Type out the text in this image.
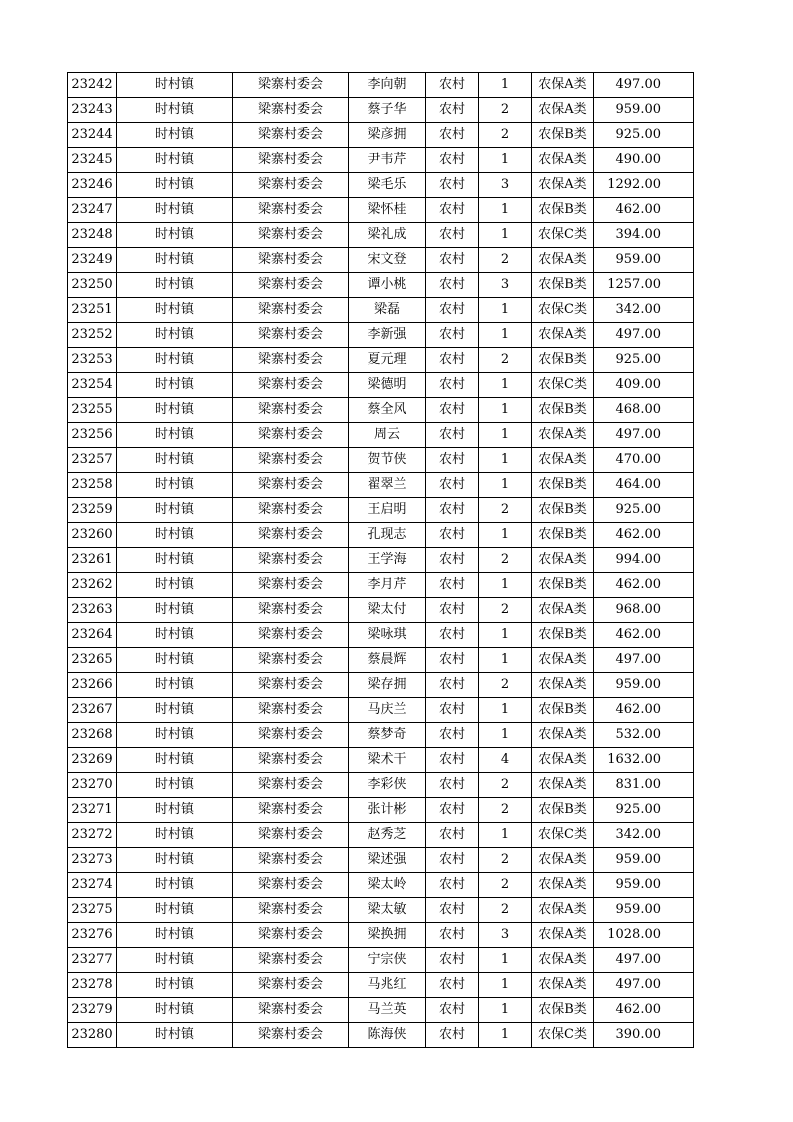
23242	时村镇	梁寨村委会	李向朝	农村	1	农保A类	497.00
23243	时村镇	梁寨村委会	蔡子华	农村	2	农保A类	959.00
23244	时村镇	梁寨村委会	梁彦拥	农村	2	农保B类	925.00
23245	时村镇	梁寨村委会	尹韦芹	农村	1	农保A类	490.00
23246	时村镇	梁寨村委会	梁毛乐	农村	3	农保A类	1292.00
23247	时村镇	梁寨村委会	梁怀桂	农村	1	农保B类	462.00
23248	时村镇	梁寨村委会	梁礼成	农村	1	农保C类	394.00
23249	时村镇	梁寨村委会	宋文登	农村	2	农保A类	959.00
23250	时村镇	梁寨村委会	谭小桃	农村	3	农保B类	1257.00
23251	时村镇	梁寨村委会	梁磊	农村	1	农保C类	342.00
23252	时村镇	梁寨村委会	李新强	农村	1	农保A类	497.00
23253	时村镇	梁寨村委会	夏元理	农村	2	农保B类	925.00
23254	时村镇	梁寨村委会	梁德明	农村	1	农保C类	409.00
23255	时村镇	梁寨村委会	蔡全风	农村	1	农保B类	468.00
23256	时村镇	梁寨村委会	周云	农村	1	农保A类	497.00
23257	时村镇	梁寨村委会	贺节侠	农村	1	农保A类	470.00
23258	时村镇	梁寨村委会	翟翠兰	农村	1	农保B类	464.00
23259	时村镇	梁寨村委会	王启明	农村	2	农保B类	925.00
23260	时村镇	梁寨村委会	孔现志	农村	1	农保B类	462.00
23261	时村镇	梁寨村委会	王学海	农村	2	农保A类	994.00
23262	时村镇	梁寨村委会	李月芹	农村	1	农保B类	462.00
23263	时村镇	梁寨村委会	梁太付	农村	2	农保A类	968.00
23264	时村镇	梁寨村委会	梁咏琪	农村	1	农保B类	462.00
23265	时村镇	梁寨村委会	蔡晨辉	农村	1	农保A类	497.00
23266	时村镇	梁寨村委会	梁存拥	农村	2	农保A类	959.00
23267	时村镇	梁寨村委会	马庆兰	农村	1	农保B类	462.00
23268	时村镇	梁寨村委会	蔡梦奇	农村	1	农保A类	532.00
23269	时村镇	梁寨村委会	梁术干	农村	4	农保A类	1632.00
23270	时村镇	梁寨村委会	李彩侠	农村	2	农保A类	831.00
23271	时村镇	梁寨村委会	张计彬	农村	2	农保B类	925.00
23272	时村镇	梁寨村委会	赵秀芝	农村	1	农保C类	342.00
23273	时村镇	梁寨村委会	梁述强	农村	2	农保A类	959.00
23274	时村镇	梁寨村委会	梁太岭	农村	2	农保A类	959.00
23275	时村镇	梁寨村委会	梁太敏	农村	2	农保A类	959.00
23276	时村镇	梁寨村委会	梁换拥	农村	3	农保A类	1028.00
23277	时村镇	梁寨村委会	宁宗侠	农村	1	农保A类	497.00
23278	时村镇	梁寨村委会	马兆红	农村	1	农保A类	497.00
23279	时村镇	梁寨村委会	马兰英	农村	1	农保B类	462.00
23280	时村镇	梁寨村委会	陈海侠	农村	1	农保C类	390.00
